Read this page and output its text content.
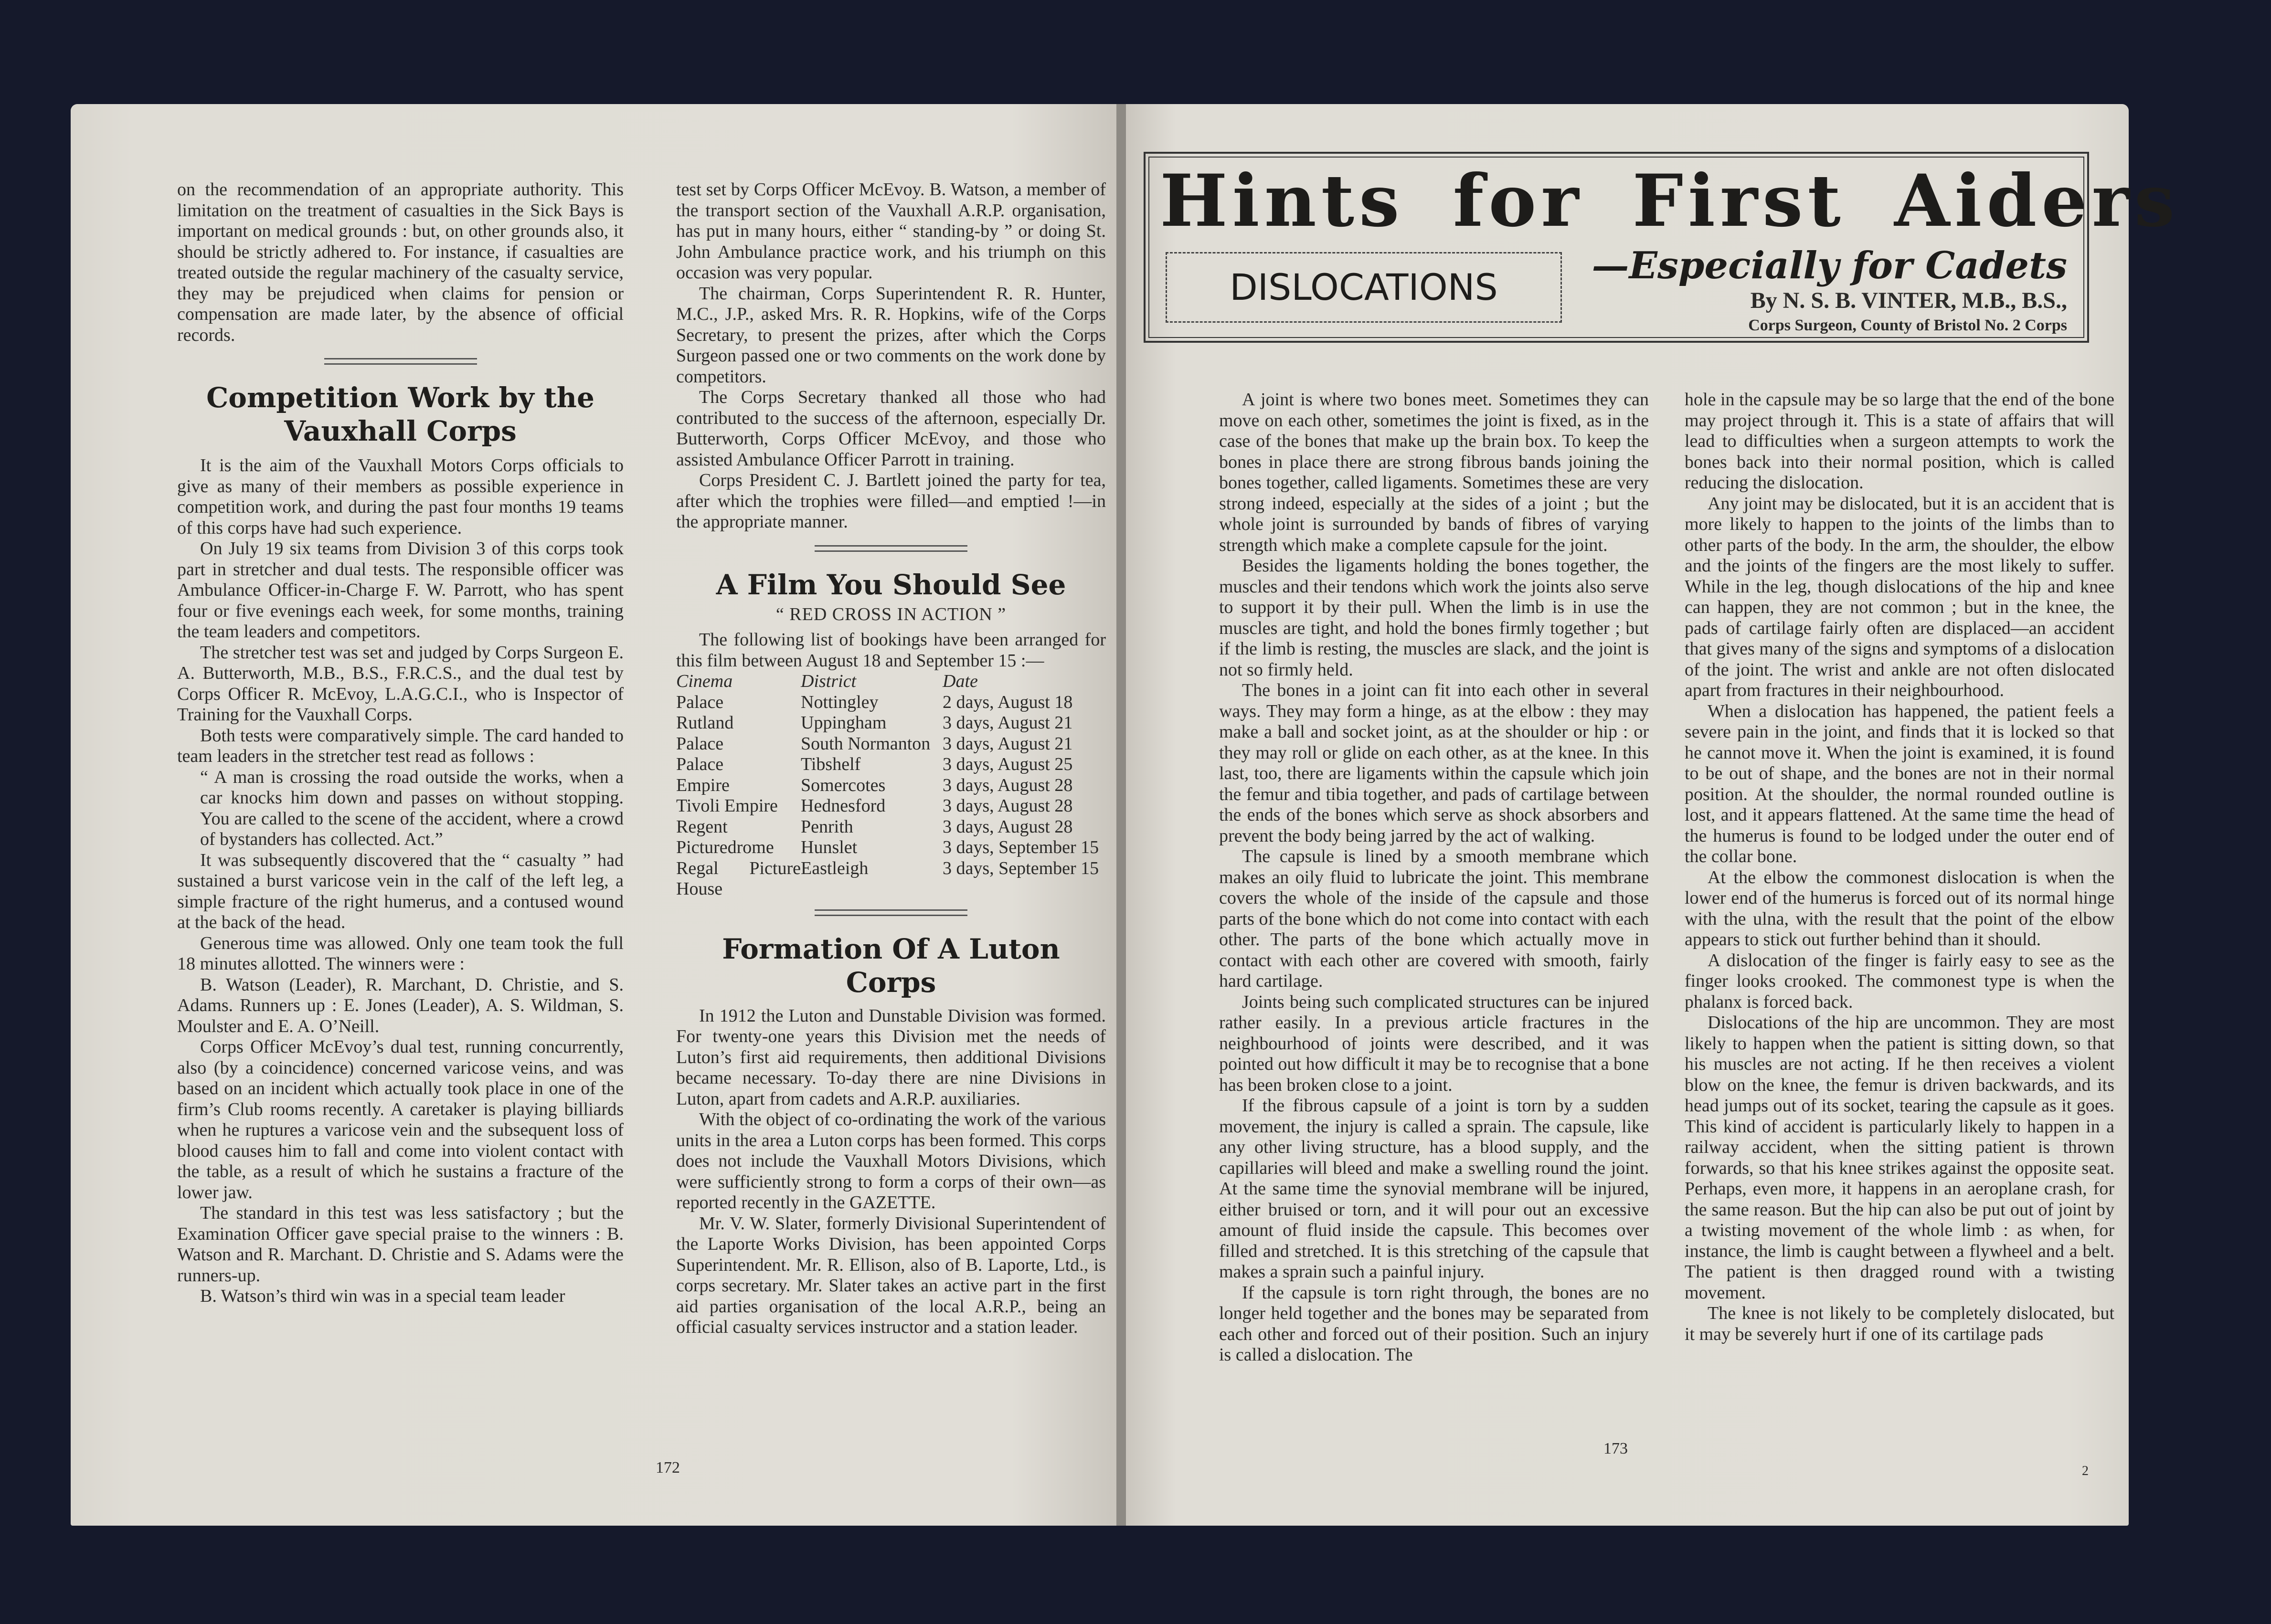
on the recommendation of an appropriate authority. This limitation on the treatment of casualties in the Sick Bays is important on medical grounds : but, on other grounds also, it should be strictly adhered to. For instance, if casualties are treated outside the regular machinery of the casualty service, they may be prejudiced when claims for pension or compensation are made later, by the absence of official records.

Competition Work by the Vauxhall Corps

It is the aim of the Vauxhall Motors Corps officials to give as many of their members as possible experience in competition work, and during the past four months 19 teams of this corps have had such experience.

On July 19 six teams from Division 3 of this corps took part in stretcher and dual tests. The responsible officer was Ambulance Officer-in-Charge F. W. Parrott, who has spent four or five evenings each week, for some months, training the team leaders and competitors.

The stretcher test was set and judged by Corps Surgeon E. A. Butterworth, M.B., B.S., F.R.C.S., and the dual test by Corps Officer R. McEvoy, L.A.G.C.I., who is Inspector of Training for the Vauxhall Corps.

Both tests were comparatively simple. The card handed to team leaders in the stretcher test read as follows :

“ A man is crossing the road outside the works, when a car knocks him down and passes on without stopping. You are called to the scene of the accident, where a crowd of bystanders has collected. Act.”

It was subsequently discovered that the “ casualty ” had sustained a burst varicose vein in the calf of the left leg, a simple fracture of the right humerus, and a contused wound at the back of the head.

Generous time was allowed. Only one team took the full 18 minutes allotted. The winners were :

B. Watson (Leader), R. Marchant, D. Christie, and S. Adams. Runners up : E. Jones (Leader), A. S. Wildman, S. Moulster and E. A. O’Neill.

Corps Officer McEvoy’s dual test, running concurrently, also (by a coincidence) concerned varicose veins, and was based on an incident which actually took place in one of the firm’s Club rooms recently. A caretaker is playing billiards when he ruptures a varicose vein and the subsequent loss of blood causes him to fall and come into violent contact with the table, as a result of which he sustains a fracture of the lower jaw.

The standard in this test was less satisfactory ; but the Examination Officer gave special praise to the winners : B. Watson and R. Marchant. D. Christie and S. Adams were the runners-up.

B. Watson’s third win was in a special team leader

test set by Corps Officer McEvoy. B. Watson, a member of the transport section of the Vauxhall A.R.P. organisation, has put in many hours, either “ standing-by ” or doing St. John Ambulance practice work, and his triumph on this occasion was very popular.

The chairman, Corps Superintendent R. R. Hunter, M.C., J.P., asked Mrs. R. R. Hopkins, wife of the Corps Secretary, to present the prizes, after which the Corps Surgeon passed one or two comments on the work done by competitors.

The Corps Secretary thanked all those who had contributed to the success of the afternoon, especially Dr. Butterworth, Corps Officer McEvoy, and those who assisted Ambulance Officer Parrott in training.

Corps President C. J. Bartlett joined the party for tea, after which the trophies were filled—and emptied !—in the appropriate manner.

A Film You Should See
“ RED CROSS IN ACTION ”

The following list of bookings have been arranged for this film between August 18 and September 15 :—

Cinema	District	Date
Palace	Nottingley	2 days, August 18
Rutland	Uppingham	3 days, August 21
Palace	South Normanton	3 days, August 21
Palace	Tibshelf	3 days, August 25
Empire	Somercotes	3 days, August 28
Tivoli Empire	Hednesford	3 days, August 28
Regent	Penrith	3 days, August 28
Picturedrome	Hunslet	3 days, September 15
Regal Picture House	Eastleigh	3 days, September 15
Formation Of A Luton Corps

In 1912 the Luton and Dunstable Division was formed. For twenty-one years this Division met the needs of Luton’s first aid requirements, then additional Divisions became necessary. To-day there are nine Divisions in Luton, apart from cadets and A.R.P. auxiliaries.

With the object of co-ordinating the work of the various units in the area a Luton corps has been formed. This corps does not include the Vauxhall Motors Divisions, which were sufficiently strong to form a corps of their own—as reported recently in the GAZETTE.

Mr. V. W. Slater, formerly Divisional Superintendent of the Laporte Works Division, has been appointed Corps Superintendent. Mr. R. Ellison, also of B. Laporte, Ltd., is corps secretary. Mr. Slater takes an active part in the first aid parties organisation of the local A.R.P., being an official casualty services instructor and a station leader.

172

A joint is where two bones meet. Sometimes they can move on each other, sometimes the joint is fixed, as in the case of the bones that make up the brain box. To keep the bones in place there are strong fibrous bands joining the bones together, called ligaments. Sometimes these are very strong indeed, especially at the sides of a joint ; but the whole joint is surrounded by bands of fibres of varying strength which make a complete capsule for the joint.

Besides the ligaments holding the bones together, the muscles and their tendons which work the joints also serve to support it by their pull. When the limb is in use the muscles are tight, and hold the bones firmly together ; but if the limb is resting, the muscles are slack, and the joint is not so firmly held.

The bones in a joint can fit into each other in several ways. They may form a hinge, as at the elbow : they may make a ball and socket joint, as at the shoulder or hip : or they may roll or glide on each other, as at the knee. In this last, too, there are ligaments within the capsule which join the femur and tibia together, and pads of cartilage between the ends of the bones which serve as shock absorbers and prevent the body being jarred by the act of walking.

The capsule is lined by a smooth membrane which makes an oily fluid to lubricate the joint. This membrane covers the whole of the inside of the capsule and those parts of the bone which do not come into contact with each other. The parts of the bone which actually move in contact with each other are covered with smooth, fairly hard cartilage.

Joints being such complicated structures can be injured rather easily. In a previous article fractures in the neighbourhood of joints were described, and it was pointed out how difficult it may be to recognise that a bone has been broken close to a joint.

If the fibrous capsule of a joint is torn by a sudden movement, the injury is called a sprain. The capsule, like any other living structure, has a blood supply, and the capillaries will bleed and make a swelling round the joint. At the same time the synovial membrane will be injured, either bruised or torn, and it will pour out an excessive amount of fluid inside the capsule. This becomes over filled and stretched. It is this stretching of the capsule that makes a sprain such a painful injury.

If the capsule is torn right through, the bones are no longer held together and the bones may be separated from each other and forced out of their position. Such an injury is called a dislocation. The

hole in the capsule may be so large that the end of the bone may project through it. This is a state of affairs that will lead to difficulties when a surgeon attempts to work the bones back into their normal position, which is called reducing the dislocation.

Any joint may be dislocated, but it is an accident that is more likely to happen to the joints of the limbs than to other parts of the body. In the arm, the shoulder, the elbow and the joints of the fingers are the most likely to suffer. While in the leg, though dislocations of the hip and knee can happen, they are not common ; but in the knee, the pads of cartilage fairly often are displaced—an accident that gives many of the signs and symptoms of a dislocation of the joint. The wrist and ankle are not often dislocated apart from fractures in their neighbourhood.

When a dislocation has happened, the patient feels a severe pain in the joint, and finds that it is locked so that he cannot move it. When the joint is examined, it is found to be out of shape, and the bones are not in their normal position. At the shoulder, the normal rounded outline is lost, and it appears flattened. At the same time the head of the humerus is found to be lodged under the outer end of the collar bone.

At the elbow the commonest dislocation is when the lower end of the humerus is forced out of its normal hinge with the ulna, with the result that the point of the elbow appears to stick out further behind than it should.

A dislocation of the finger is fairly easy to see as the finger looks crooked. The commonest type is when the phalanx is forced back.

Dislocations of the hip are uncommon. They are most likely to happen when the patient is sitting down, so that his muscles are not acting. If he then receives a violent blow on the knee, the femur is driven backwards, and its head jumps out of its socket, tearing the capsule as it goes. This kind of accident is particularly likely to happen in a railway accident, when the sitting patient is thrown forwards, so that his knee strikes against the opposite seat. Perhaps, even more, it happens in an aeroplane crash, for the same reason. But the hip can also be put out of joint by a twisting movement of the whole limb : as when, for instance, the limb is caught between a flywheel and a belt. The patient is then dragged round with a twisting movement.

The knee is not likely to be completely dislocated, but it may be severely hurt if one of its cartilage pads

173
2
Hints for First Aiders
DISLOCATIONS	—Especially for Cadets
By N. S. B. VINTER, M.B., B.S.,
Corps Surgeon, County of Bristol No. 2 Corps
